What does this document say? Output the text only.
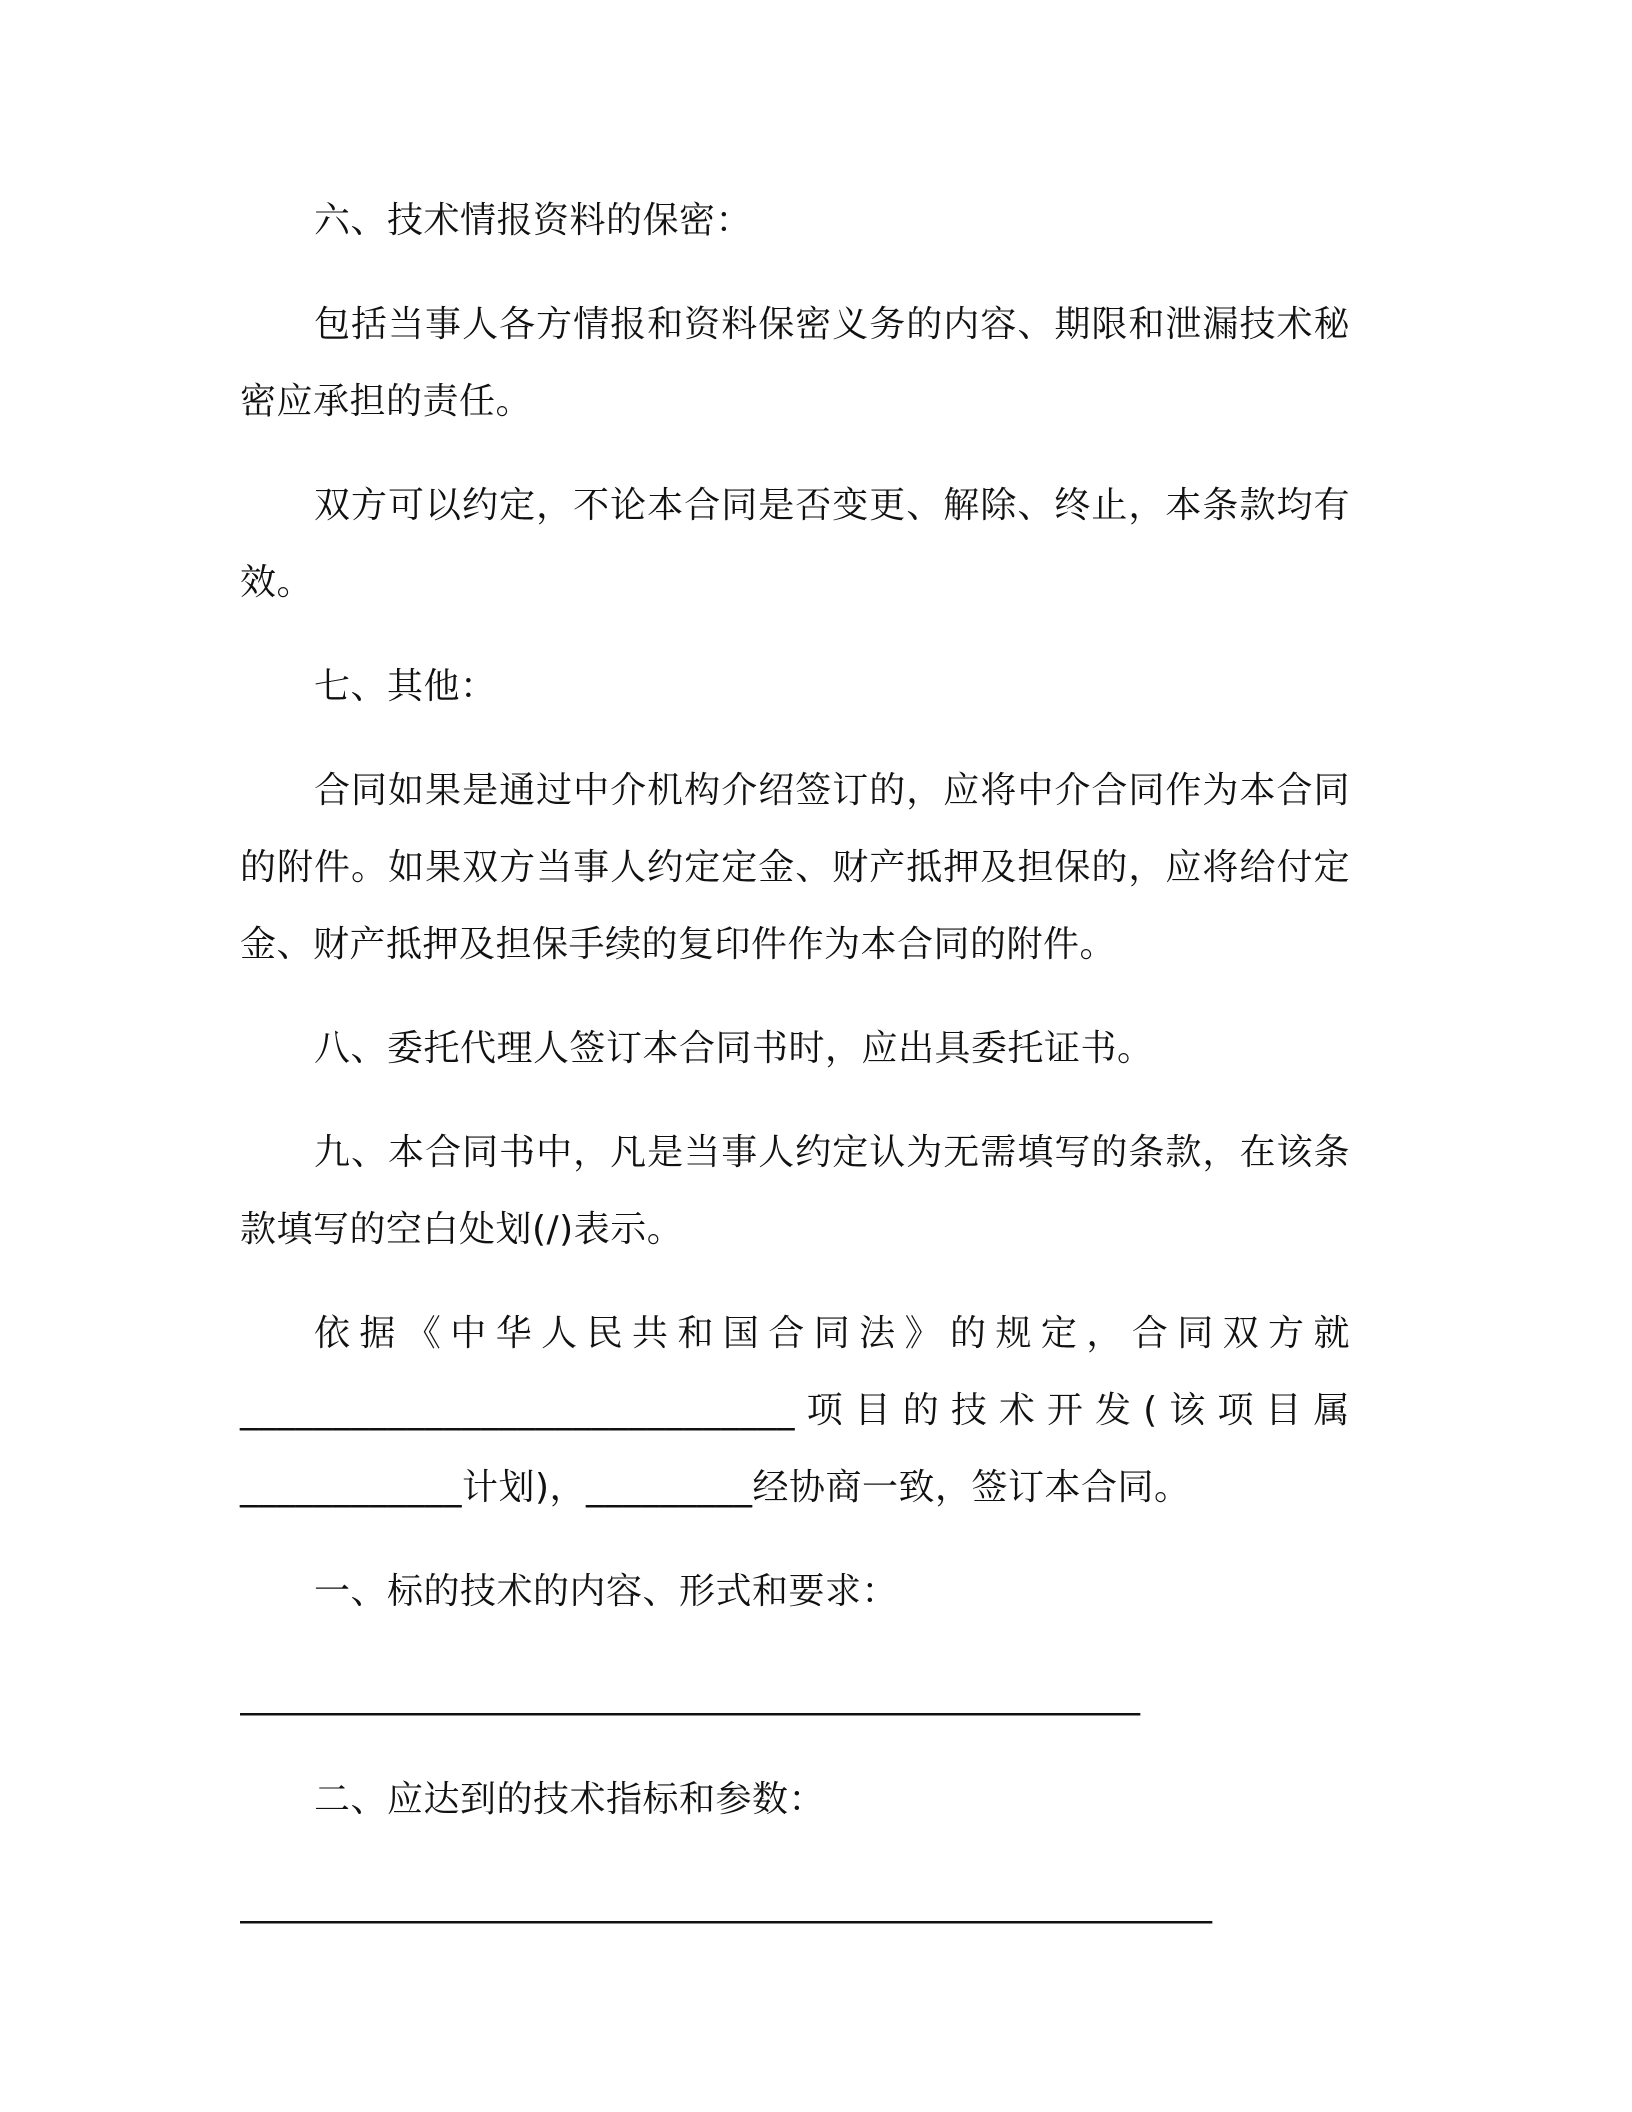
六、技术情报资料的保密：

包括当事人各方情报和资料保密义务的内容、期限和泄漏技术秘密应承担的责任。

双方可以约定，不论本合同是否变更、解除、终止，本条款均有效。

七、其他：

合同如果是通过中介机构介绍签订的，应将中介合同作为本合同的附件。如果双方当事人约定定金、财产抵押及担保的，应将给付定金、财产抵押及担保手续的复印件作为本合同的附件。

八、委托代理人签订本合同书时，应出具委托证书。

九、本合同书中，凡是当事人约定认为无需填写的条款，在该条款填写的空白处划(/)表示。

依据《中华人民共和国合同法》的规定，合同双方就______________________________项目的技术开发(该项目属____________计划)，_________经协商一致，签订本合同。

一、标的技术的内容、形式和要求：

__________________________________________________

二、应达到的技术指标和参数：

______________________________________________________
